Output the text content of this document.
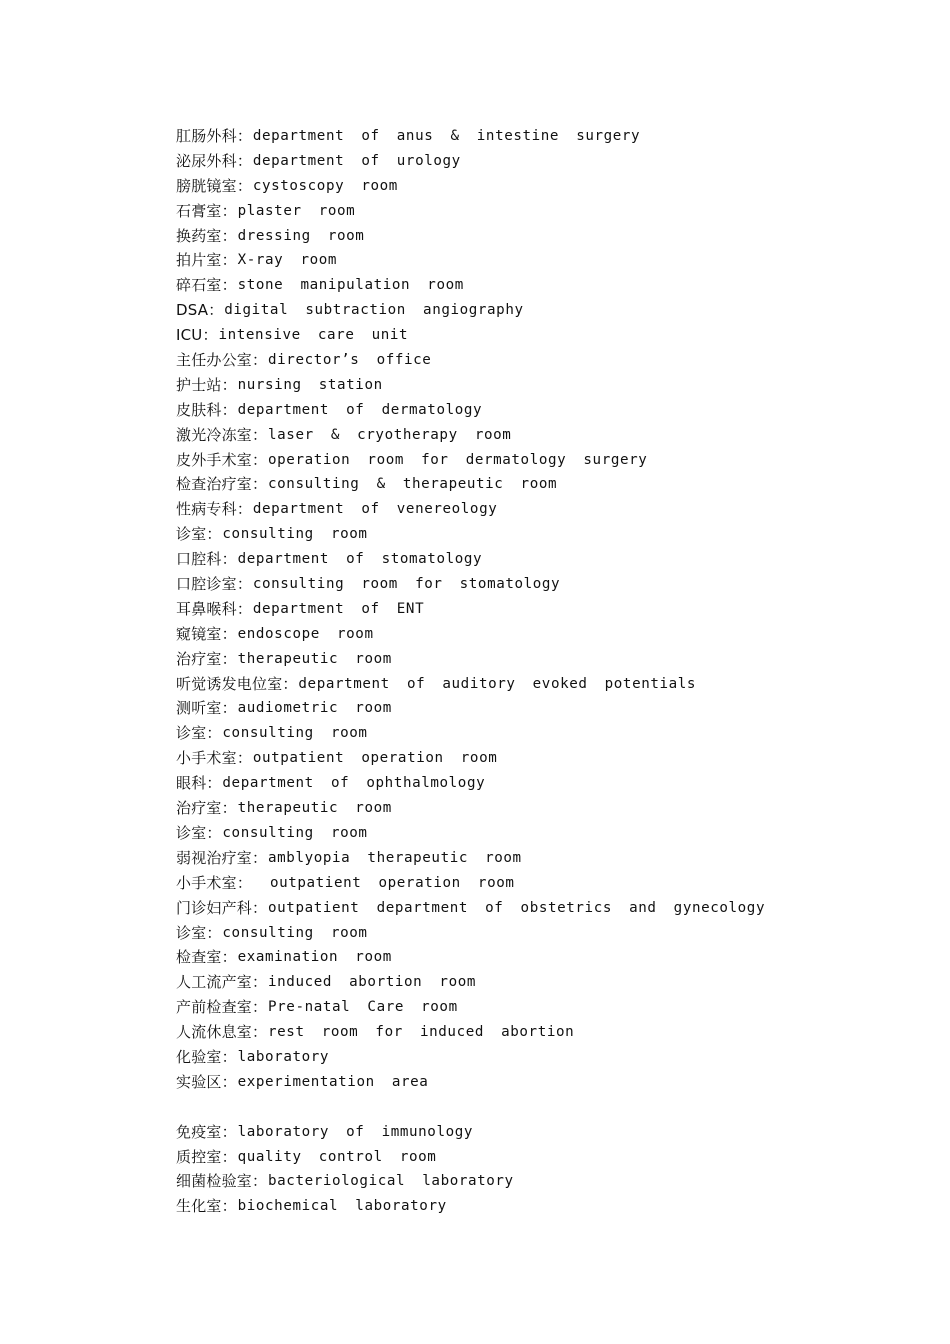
肛肠外科 ： department of anus & intestine surgery
泌尿外科 ： department of urology
膀胱镜室 ： cystoscopy room
石膏室 ： plaster room
换药室 ： dressing room
拍片室 ： X-ray room
碎石室 ： stone manipulation room
DSA ： digital subtraction angiography
ICU ： intensive care unit
主任办公室 ： director’s office
护士站 ： nursing station
皮肤科 ： department of dermatology
激光冷冻室 ： laser & cryotherapy room
皮外手术室 ： operation room for dermatology surgery
检查治疗室 ： consulting & therapeutic room
性病专科 ： department of venereology
诊室 ： consulting room
口腔科 ： department of stomatology
口腔诊室 ： consulting room for stomatology
耳鼻喉科 ： department of ENT
窥镜室 ： endoscope room
治疗室 ： therapeutic room
听觉诱发电位室 ： department of auditory evoked potentials
测听室 ： audiometric room
诊室 ： consulting room
小手术室 ： outpatient operation room
眼科 ： department of ophthalmology
治疗室 ： therapeutic room
诊室 ： consulting room
弱视治疗室 ： amblyopia therapeutic room
小手术室 ： outpatient operation room
门诊妇产科 ： outpatient department of obstetrics and gynecology
诊室 ： consulting room
检查室 ： examination room
人工流产室 ： induced abortion room
产前检查室 ： Pre-natal Care room
人流休息室 ： rest room for induced abortion
化验室 ： laboratory
实验区 ： experimentation area
免疫室 ： laboratory of immunology
质控室 ： quality control room
细菌检验室 ： bacteriological laboratory
生化室 ： biochemical laboratory
